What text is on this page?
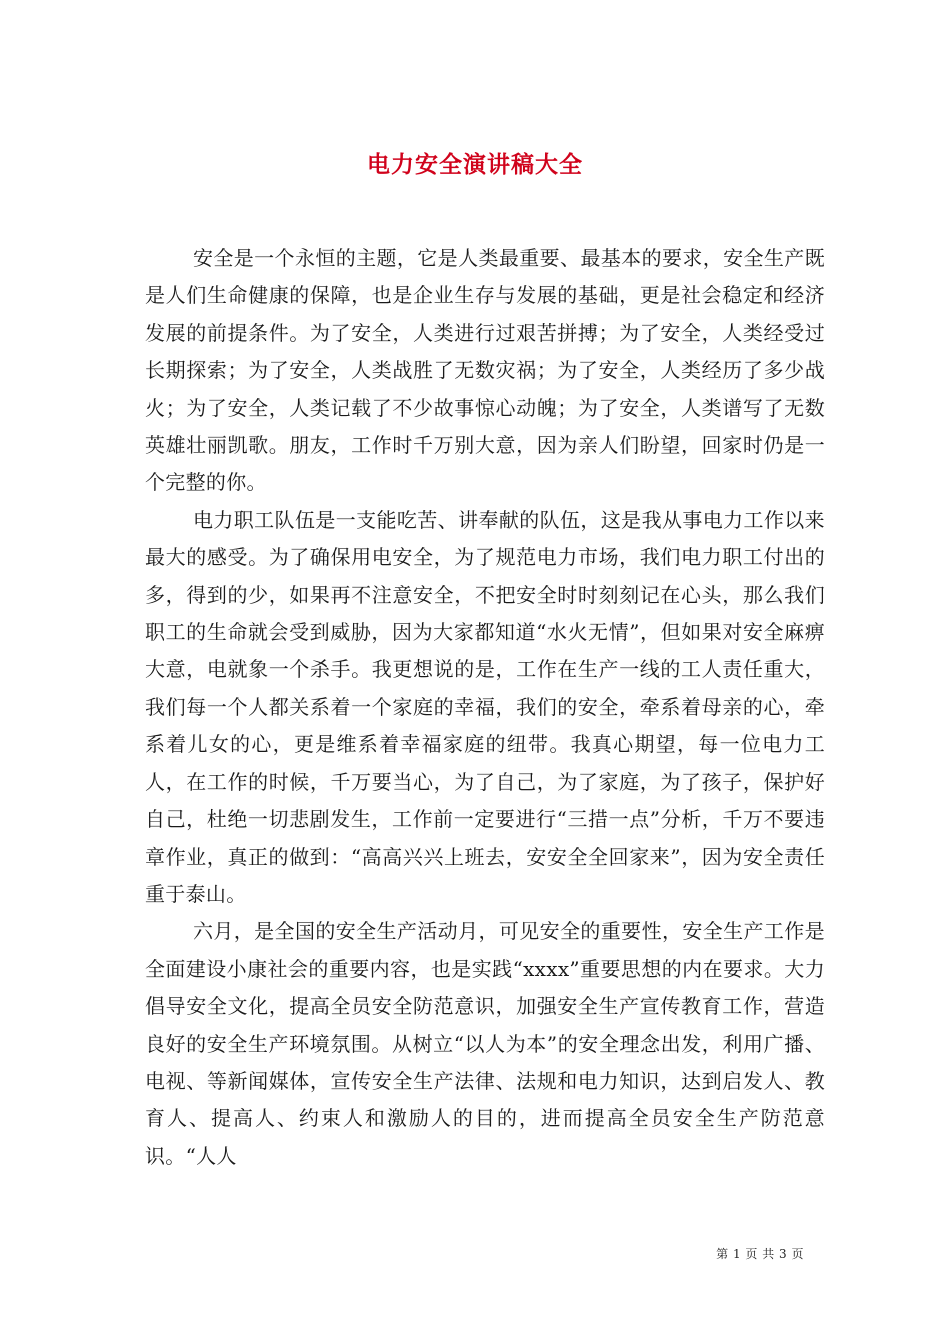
电力安全演讲稿大全

安全是一个永恒的主题，它是人类最重要、最基本的要求，安全生产既是人们生命健康的保障，也是企业生存与发展的基础，更是社会稳定和经济发展的前提条件。为了安全，人类进行过艰苦拼搏；为了安全，人类经受过长期探索；为了安全，人类战胜了无数灾祸；为了安全，人类经历了多少战火；为了安全，人类记载了不少故事惊心动魄；为了安全，人类谱写了无数英雄壮丽凯歌。朋友，工作时千万别大意，因为亲人们盼望，回家时仍是一个完整的你。

电力职工队伍是一支能吃苦、讲奉献的队伍，这是我从事电力工作以来最大的感受。为了确保用电安全，为了规范电力市场，我们电力职工付出的多，得到的少，如果再不注意安全，不把安全时时刻刻记在心头，那么我们职工的生命就会受到威胁，因为大家都知道“水火无情”，但如果对安全麻痹大意，电就象一个杀手。我更想说的是，工作在生产一线的工人责任重大，我们每一个人都关系着一个家庭的幸福，我们的安全，牵系着母亲的心，牵系着儿女的心，更是维系着幸福家庭的纽带。我真心期望，每一位电力工人，在工作的时候，千万要当心，为了自己，为了家庭，为了孩子，保护好自己，杜绝一切悲剧发生，工作前一定要进行“三措一点”分析，千万不要违章作业，真正的做到：“高高兴兴上班去，安安全全回家来”，因为安全责任重于泰山。

六月，是全国的安全生产活动月，可见安全的重要性，安全生产工作是全面建设小康社会的重要内容，也是实践“xxxx”重要思想的内在要求。大力倡导安全文化，提高全员安全防范意识，加强安全生产宣传教育工作，营造良好的安全生产环境氛围。从树立“以人为本”的安全理念出发，利用广播、电视、等新闻媒体，宣传安全生产法律、法规和电力知识，达到启发人、教育人、提高人、约束人和激励人的目的，进而提高全员安全生产防范意识。“人人

第 1 页 共 3 页
